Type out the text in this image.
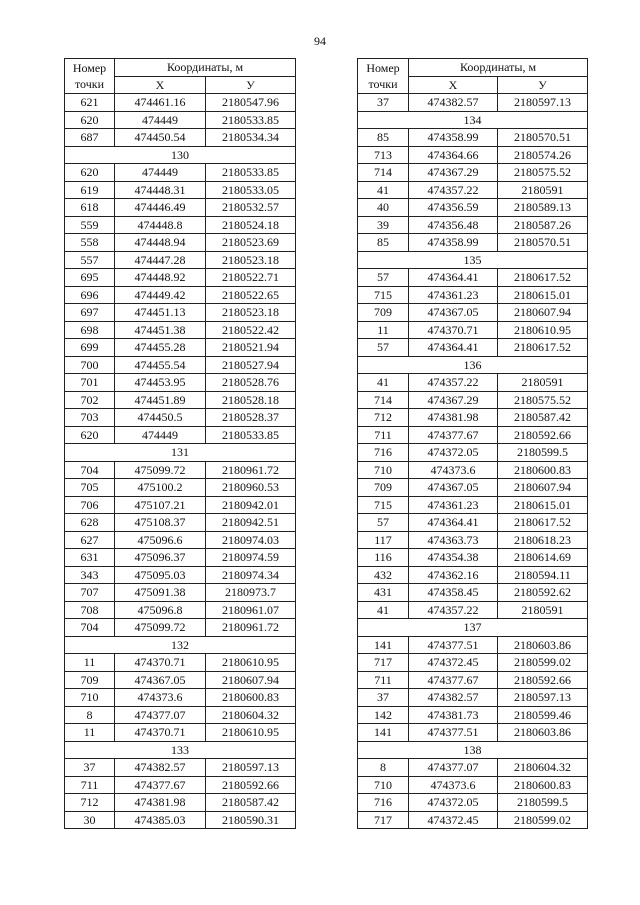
94
Номер
точки	Координаты, м	
	Х	У
621	474461.16	2180547.96
620	474449	2180533.85
687	474450.54	2180534.34
130		
620	474449	2180533.85
619	474448.31	2180533.05
618	474446.49	2180532.57
559	474448.8	2180524.18
558	474448.94	2180523.69
557	474447.28	2180523.18
695	474448.92	2180522.71
696	474449.42	2180522.65
697	474451.13	2180523.18
698	474451.38	2180522.42
699	474455.28	2180521.94
700	474455.54	2180527.94
701	474453.95	2180528.76
702	474451.89	2180528.18
703	474450.5	2180528.37
620	474449	2180533.85
131		
704	475099.72	2180961.72
705	475100.2	2180960.53
706	475107.21	2180942.01
628	475108.37	2180942.51
627	475096.6	2180974.03
631	475096.37	2180974.59
343	475095.03	2180974.34
707	475091.38	2180973.7
708	475096.8	2180961.07
704	475099.72	2180961.72
132		
11	474370.71	2180610.95
709	474367.05	2180607.94
710	474373.6	2180600.83
8	474377.07	2180604.32
11	474370.71	2180610.95
133		
37	474382.57	2180597.13
711	474377.67	2180592.66
712	474381.98	2180587.42
30	474385.03	2180590.31
Номер
точки	Координаты, м	
	Х	У
37	474382.57	2180597.13
134		
85	474358.99	2180570.51
713	474364.66	2180574.26
714	474367.29	2180575.52
41	474357.22	2180591
40	474356.59	2180589.13
39	474356.48	2180587.26
85	474358.99	2180570.51
135		
57	474364.41	2180617.52
715	474361.23	2180615.01
709	474367.05	2180607.94
11	474370.71	2180610.95
57	474364.41	2180617.52
136		
41	474357.22	2180591
714	474367.29	2180575.52
712	474381.98	2180587.42
711	474377.67	2180592.66
716	474372.05	2180599.5
710	474373.6	2180600.83
709	474367.05	2180607.94
715	474361.23	2180615.01
57	474364.41	2180617.52
117	474363.73	2180618.23
116	474354.38	2180614.69
432	474362.16	2180594.11
431	474358.45	2180592.62
41	474357.22	2180591
137		
141	474377.51	2180603.86
717	474372.45	2180599.02
711	474377.67	2180592.66
37	474382.57	2180597.13
142	474381.73	2180599.46
141	474377.51	2180603.86
138		
8	474377.07	2180604.32
710	474373.6	2180600.83
716	474372.05	2180599.5
717	474372.45	2180599.02
